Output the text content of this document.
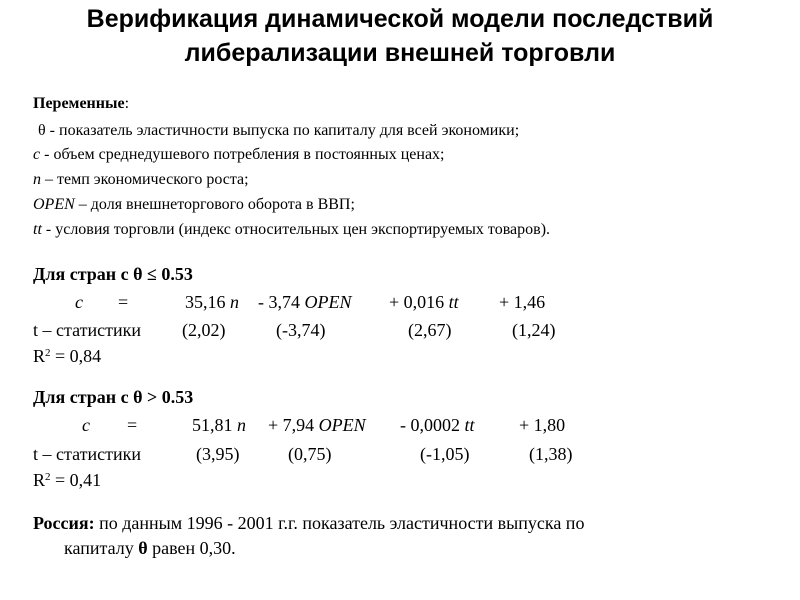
Верификация динамической модели последствий
либерализации внешней торговли
Переменные:
θ - показатель эластичности выпуска по капиталу для всей экономики;
c - объем среднедушевого потребления в постоянных ценах;
n – темп экономического роста;
OPEN – доля внешнеторгового оборота в ВВП;
tt - условия торговли (индекс относительных цен экспортируемых товаров).
Для стран с θ ≤ 0.53
c =	35,16 n - 3,74 OPEN + 0,016 tt + 1,46
t – статистики (2,02)	(-3,74)	(2,67)	(1,24)
$R^2 = 0,84$
Для стран с θ > 0.53
c =	51,81 n + 7,94 OPEN - 0,0002 tt + 1,80
t – статистики	(3,95)	(0,75)	(-1,05)	(1,38)
$R^2 = 0,41$
Россия: по данным 1996 - 2001 г.г. показатель эластичности выпуска по
капиталу θ равен 0,30.
